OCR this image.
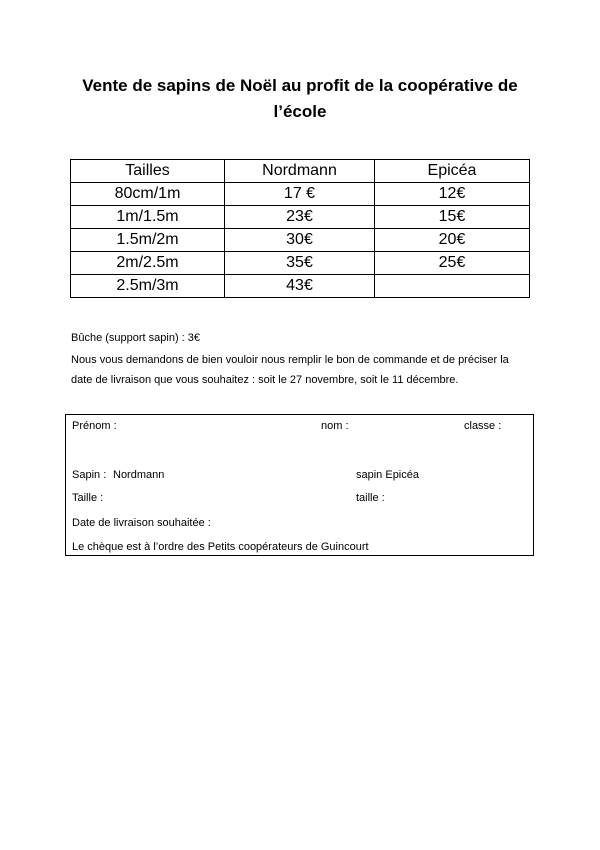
Vente de sapins de Noël au profit de la coopérative de l’école
Tailles	Nordmann	Epicéa
80cm/1m	17 €	12€
1m/1.5m	23€	15€
1.5m/2m	30€	20€
2m/2.5m	35€	25€
2.5m/3m	43€	

Bûche (support sapin) : 3€

Nous vous demandons de bien vouloir nous remplir le bon de commande et de préciser la date de livraison que vous souhaitez : soit le 27 novembre, soit le 11 décembre.

Prénom :	nom :	classe :
Sapin : Nordmann	sapin Epicéa
Taille :	taille :
Date de livraison souhaitée :
Le chèque est à l’ordre des Petits coopérateurs de Guincourt
